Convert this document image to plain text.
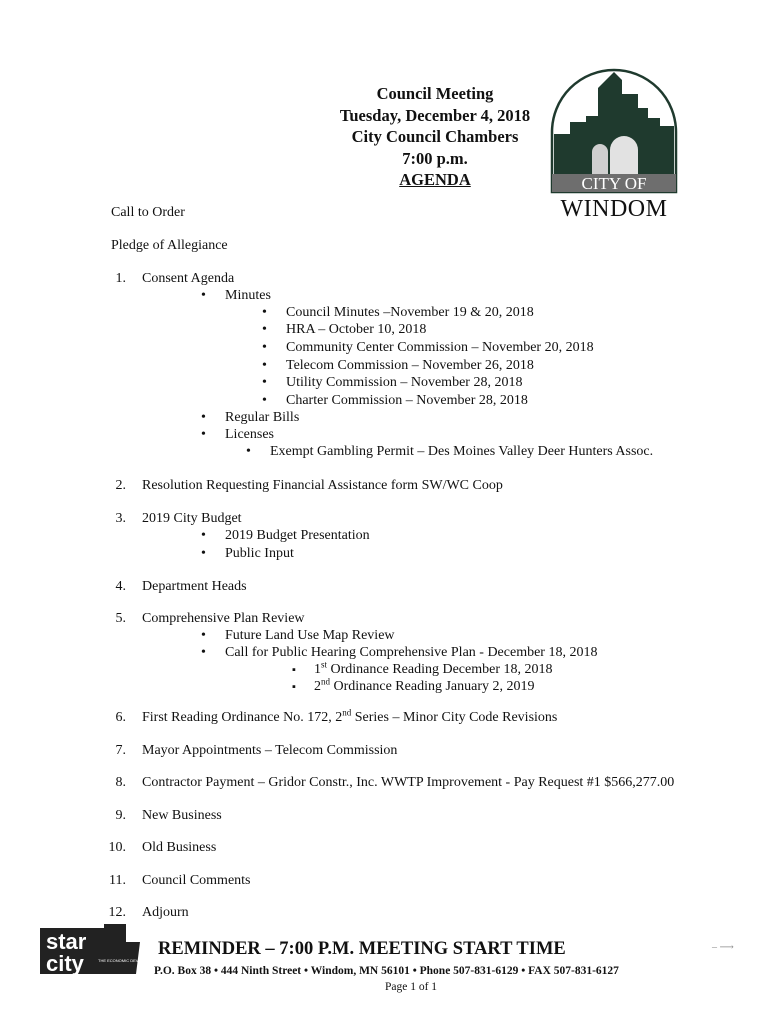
Council Meeting
Tuesday, December 4, 2018
City Council Chambers
7:00 p.m.
AGENDA	CITY OF
WINDOM
Call to Order
Pledge of Allegiance
1. Consent Agenda
• Minutes
• Council Minutes –November 19 & 20, 2018
• HRA – October 10, 2018
• Community Center Commission – November 20, 2018
• Telecom Commission – November 26, 2018
• Utility Commission – November 28, 2018
• Charter Commission – November 28, 2018
• Regular Bills
• Licenses
• Exempt Gambling Permit – Des Moines Valley Deer Hunters Assoc.
2. Resolution Requesting Financial Assistance form SW/WC Coop
3. 2019 City Budget
• 2019 Budget Presentation
• Public Input
4. Department Heads
5. Comprehensive Plan Review
• Future Land Use Map Review
• Call for Public Hearing Comprehensive Plan - December 18, 2018
▪ 1st Ordinance Reading December 18, 2018
▪ 2nd Ordinance Reading January 2, 2019
6. First Reading Ordinance No. 172, 2nd Series – Minor City Code Revisions
7. Mayor Appointments – Telecom Commission
8. Contractor Payment – Gridor Constr., Inc. WWTP Improvement - Pay Request #1 $566,277.00
9. New Business
10. Old Business
11. Council Comments
12. Adjourn
star
city	THE ECONOMIC DEVELOPMENT
REMINDER – 7:00 P.M. MEETING START TIME	– ⟶
P.O. Box 38 • 444 Ninth Street • Windom, MN 56101 • Phone 507-831-6129 • FAX 507-831-6127
Page 1 of 1
